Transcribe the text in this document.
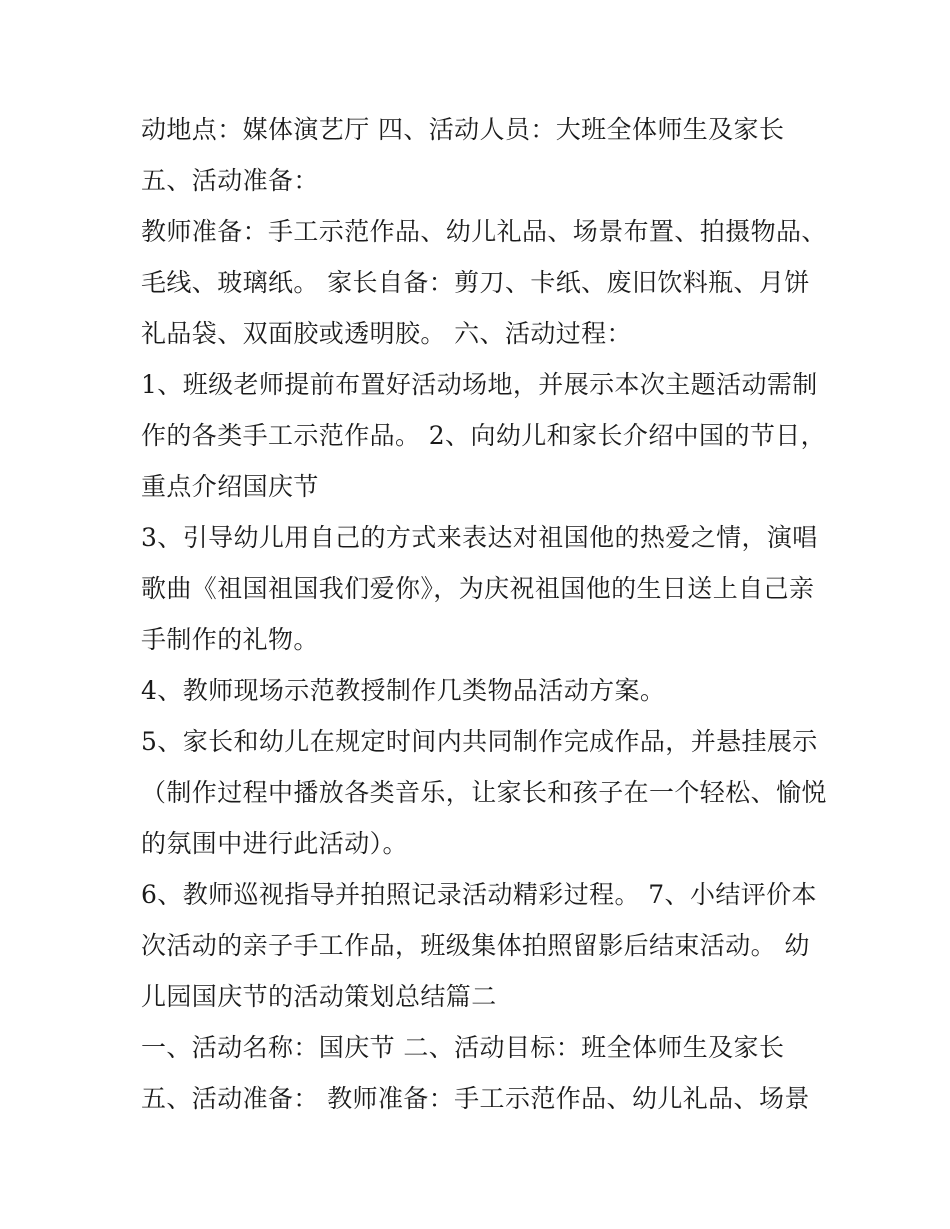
动地点：媒体演艺厅 四、活动人员：大班全体师生及家长
五、活动准备：
教师准备：手工示范作品、幼儿礼品、场景布置、拍摄物品、
毛线、玻璃纸。 家长自备：剪刀、卡纸、废旧饮料瓶、月饼
礼品袋、双面胶或透明胶。 六、活动过程：
1、班级老师提前布置好活动场地，并展示本次主题活动需制
作的各类手工示范作品。 2、向幼儿和家长介绍中国的节日，
重点介绍国庆节
3、引导幼儿用自己的方式来表达对祖国他的热爱之情，演唱
歌曲《祖国祖国我们爱你》，为庆祝祖国他的生日送上自己亲
手制作的礼物。
4、教师现场示范教授制作几类物品活动方案。
5、家长和幼儿在规定时间内共同制作完成作品，并悬挂展示
（制作过程中播放各类音乐，让家长和孩子在一个轻松、愉悦
的氛围中进行此活动）。
6、教师巡视指导并拍照记录活动精彩过程。 7、小结评价本
次活动的亲子手工作品，班级集体拍照留影后结束活动。 幼
儿园国庆节的活动策划总结篇二
一、活动名称：国庆节 二、活动目标：班全体师生及家长
五、活动准备： 教师准备：手工示范作品、幼儿礼品、场景
